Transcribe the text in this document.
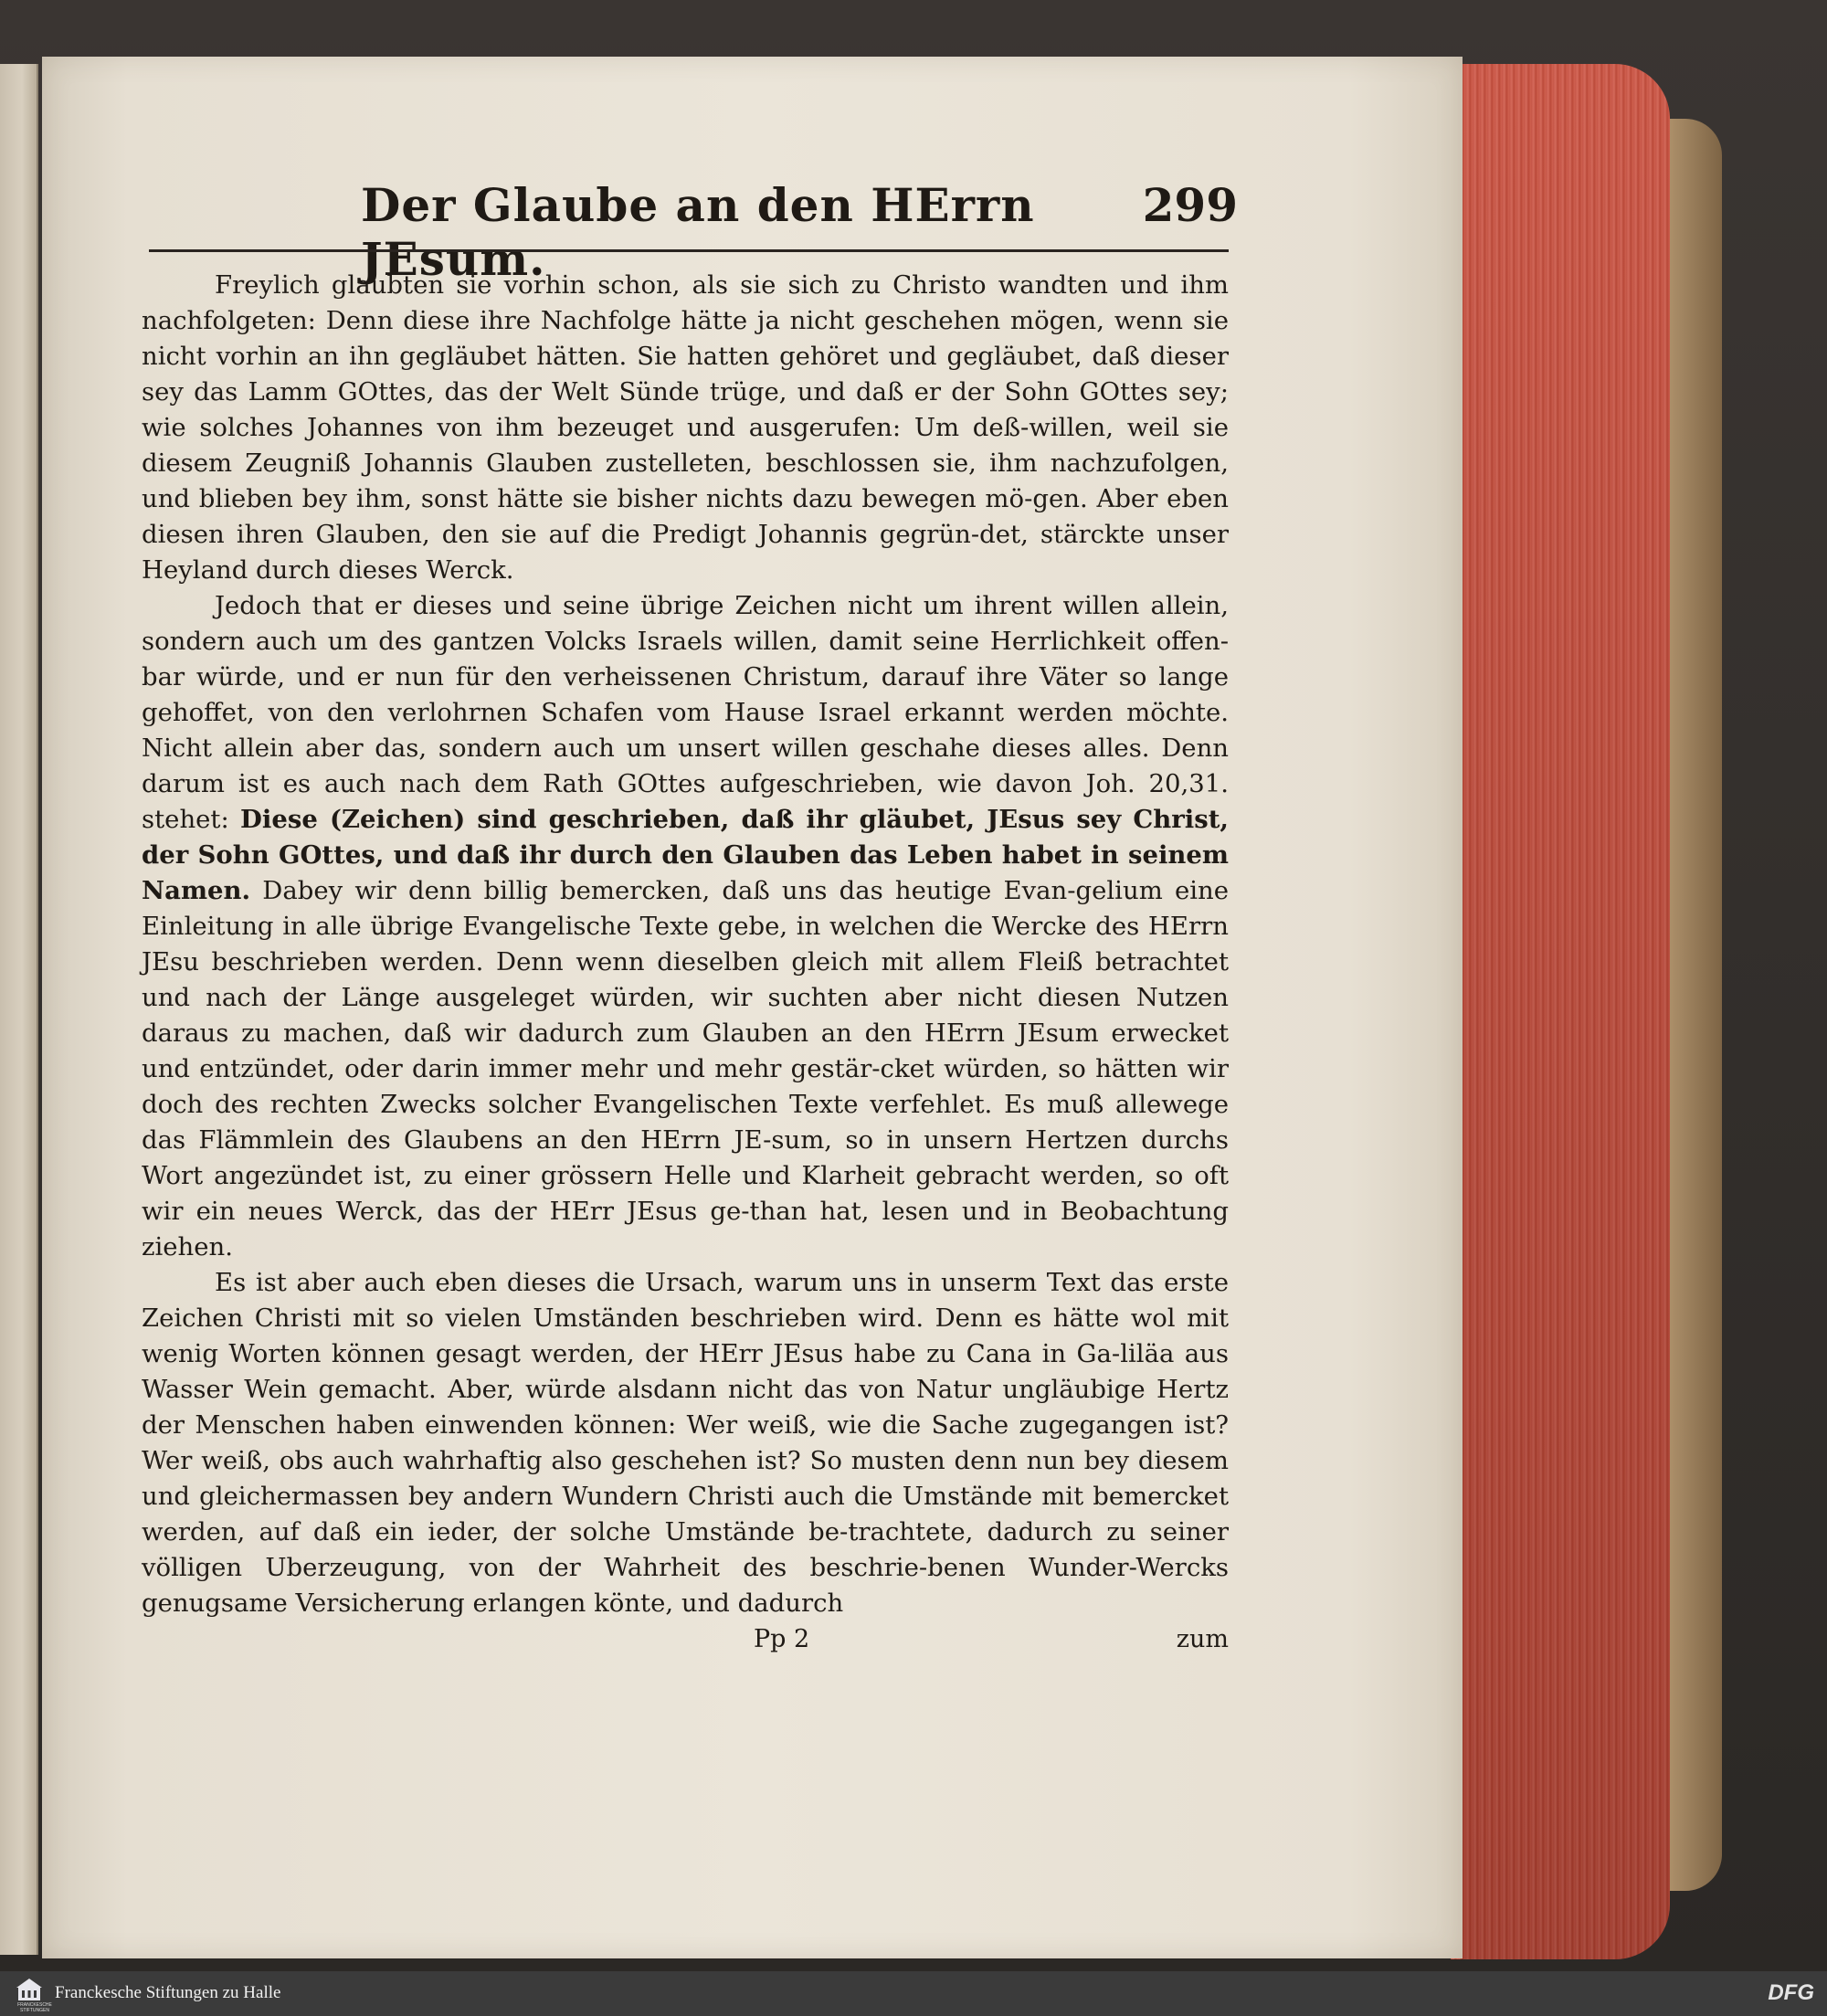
Der Glaube an den HErrn JEsum.
299

Freylich glaubten sie vorhin schon, als sie sich zu Christo wandten und ihm nachfolgeten: Denn diese ihre Nachfolge hätte ja nicht geschehen mögen, wenn sie nicht vorhin an ihn gegläubet hätten. Sie hatten gehöret und gegläubet, daß dieser sey das Lamm GOttes, das der Welt Sünde trüge, und daß er der Sohn GOttes sey; wie solches Johannes von ihm bezeuget und ausgerufen: Um deß-willen, weil sie diesem Zeugniß Johannis Glauben zustelleten, beschlossen sie, ihm nachzufolgen, und blieben bey ihm, sonst hätte sie bisher nichts dazu bewegen mö-gen. Aber eben diesen ihren Glauben, den sie auf die Predigt Johannis gegrün-det, stärckte unser Heyland durch dieses Werck.

Jedoch that er dieses und seine übrige Zeichen nicht um ihrent willen allein, sondern auch um des gantzen Volcks Israels willen, damit seine Herrlichkeit offen-bar würde, und er nun für den verheissenen Christum, darauf ihre Väter so lange gehoffet, von den verlohrnen Schafen vom Hause Israel erkannt werden möchte. Nicht allein aber das, sondern auch um unsert willen geschahe dieses alles. Denn darum ist es auch nach dem Rath GOttes aufgeschrieben, wie davon Joh. 20,31. stehet: Diese (Zeichen) sind geschrieben, daß ihr gläubet, JEsus sey Christ, der Sohn GOttes, und daß ihr durch den Glauben das Leben habet in seinem Namen. Dabey wir denn billig bemercken, daß uns das heutige Evan-gelium eine Einleitung in alle übrige Evangelische Texte gebe, in welchen die Wercke des HErrn JEsu beschrieben werden. Denn wenn dieselben gleich mit allem Fleiß betrachtet und nach der Länge ausgeleget würden, wir suchten aber nicht diesen Nutzen daraus zu machen, daß wir dadurch zum Glauben an den HErrn JEsum erwecket und entzündet, oder darin immer mehr und mehr gestär-cket würden, so hätten wir doch des rechten Zwecks solcher Evangelischen Texte verfehlet. Es muß allewege das Flämmlein des Glaubens an den HErrn JE-sum, so in unsern Hertzen durchs Wort angezündet ist, zu einer grössern Helle und Klarheit gebracht werden, so oft wir ein neues Werck, das der HErr JEsus ge-than hat, lesen und in Beobachtung ziehen.

Es ist aber auch eben dieses die Ursach, warum uns in unserm Text das erste Zeichen Christi mit so vielen Umständen beschrieben wird. Denn es hätte wol mit wenig Worten können gesagt werden, der HErr JEsus habe zu Cana in Ga-liläa aus Wasser Wein gemacht. Aber, würde alsdann nicht das von Natur ungläubige Hertz der Menschen haben einwenden können: Wer weiß, wie die Sache zugegangen ist? Wer weiß, obs auch wahrhaftig also geschehen ist? So musten denn nun bey diesem und gleichermassen bey andern Wundern Christi auch die Umstände mit bemercket werden, auf daß ein ieder, der solche Umstände be-trachtete, dadurch zu seiner völligen Uberzeugung, von der Wahrheit des beschrie-benen Wunder-Wercks genugsame Versicherung erlangen könte, und dadurch

Pp 2	zum
FRANCKESCHE STIFTUNGEN
Franckesche Stiftungen zu Halle	DFG
